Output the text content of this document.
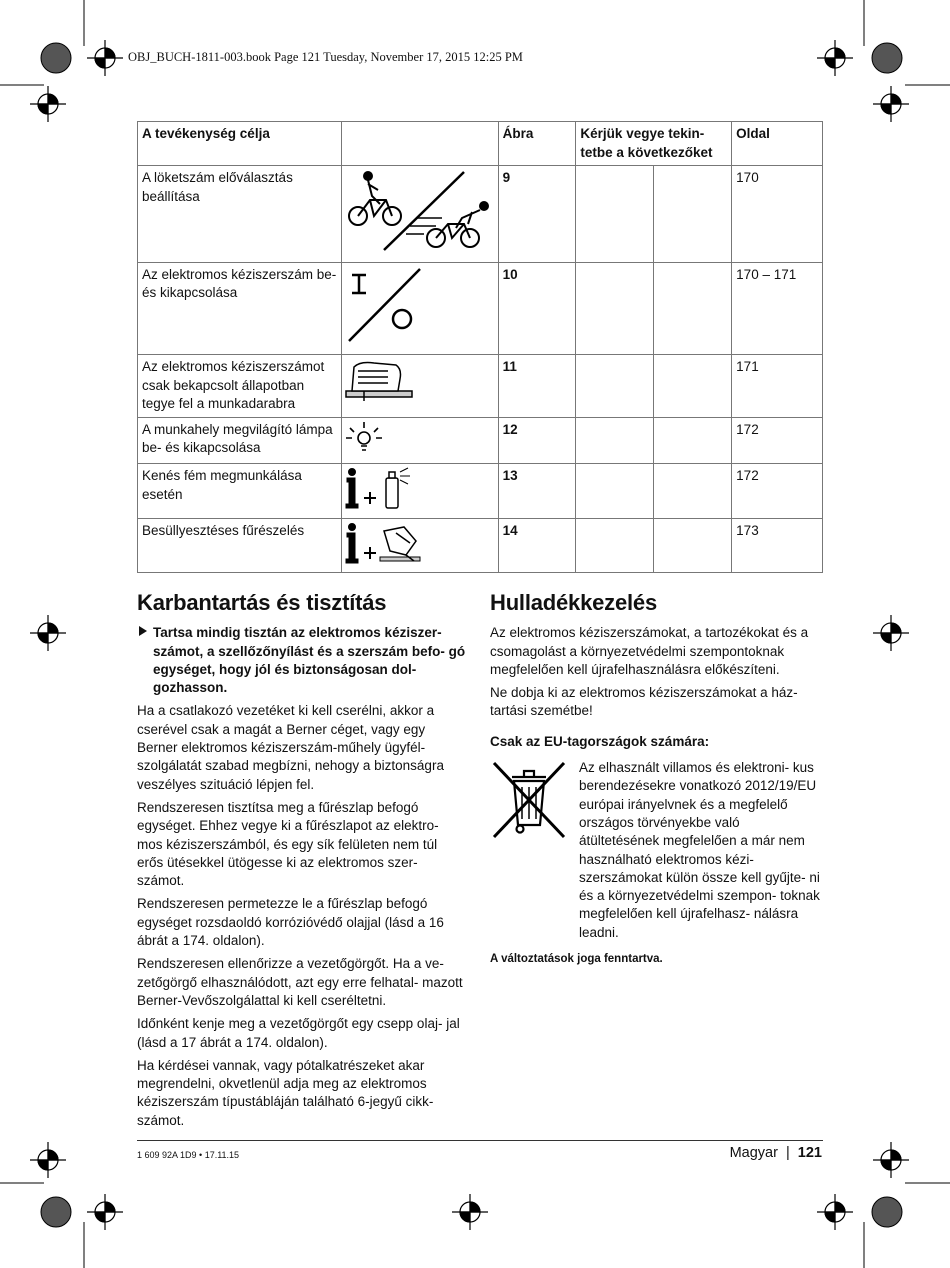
OBJ_BUCH-1811-003.book Page 121 Tuesday, November 17, 2015 12:25 PM
A tevékenység célja		Ábra	Kérjük vegye tekin- tetbe a következőket		Oldal
A löketszám előválasztás beállítása		9			170
Az elektromos kéziszerszám be- és kikapcsolása		10			170 – 171
Az elektromos kéziszerszámot csak bekapcsolt állapotban tegye fel a munkadarabra		11			171
A munkahely megvilágító lámpa be- és kikapcsolása		12			172
Kenés fém megmunkálása esetén		13			172
Besüllyesztéses fűrészelés		14			173
Karbantartás és tisztítás
Tartsa mindig tisztán az elektromos kéziszer- számot, a szellőzőnyílást és a szerszám befo- gó egységet, hogy jól és biztonságosan dol- gozhasson.

Ha a csatlakozó vezetéket ki kell cserélni, akkor a cserével csak a magát a Berner céget, vagy egy Berner elektromos kéziszerszám-műhely ügyfél- szolgálatát szabad megbízni, nehogy a biztonságra veszélyes szituáció lépjen fel.

Rendszeresen tisztítsa meg a fűrészlap befogó egységet. Ehhez vegye ki a fűrészlapot az elektro- mos kéziszerszámból, és egy sík felületen nem túl erős ütésekkel ütögesse ki az elektromos szer- számot.

Rendszeresen permetezze le a fűrészlap befogó egységet rozsdaoldó korrózióvédő olajjal (lásd a 16 ábrát a 174. oldalon).

Rendszeresen ellenőrizze a vezetőgörgőt. Ha a ve- zetőgörgő elhasználódott, azt egy erre felhatal- mazott Berner-Vevőszolgálattal ki kell cseréltetni.

Időnként kenje meg a vezetőgörgőt egy csepp olaj- jal (lásd a 17 ábrát a 174. oldalon).

Ha kérdései vannak, vagy pótalkatrészeket akar megrendelni, okvetlenül adja meg az elektromos kéziszerszám típustábláján található 6-jegyű cikk- számot.

Hulladékkezelés

Az elektromos kéziszerszámokat, a tartozékokat és a csomagolást a környezetvédelmi szempontoknak megfelelően kell újrafelhasználásra előkészíteni.

Ne dobja ki az elektromos kéziszerszámokat a ház- tartási szemétbe!

Csak az EU-tagországok számára:

Az elhasznált villamos és elektroni- kus berendezésekre vonatkozó 2012/19/EU európai irányelvnek és a megfelelő országos törvényekbe való átültetésének megfelelően a már nem használható elektromos kézi- szerszámokat külön össze kell gyűjte- ni és a környezetvédelmi szempon- toknak megfelelően kell újrafelhasz- nálásra leadni.

A változtatások joga fenntartva.
1 609 92A 1D9 • 17.11.15	Magyar | 121
